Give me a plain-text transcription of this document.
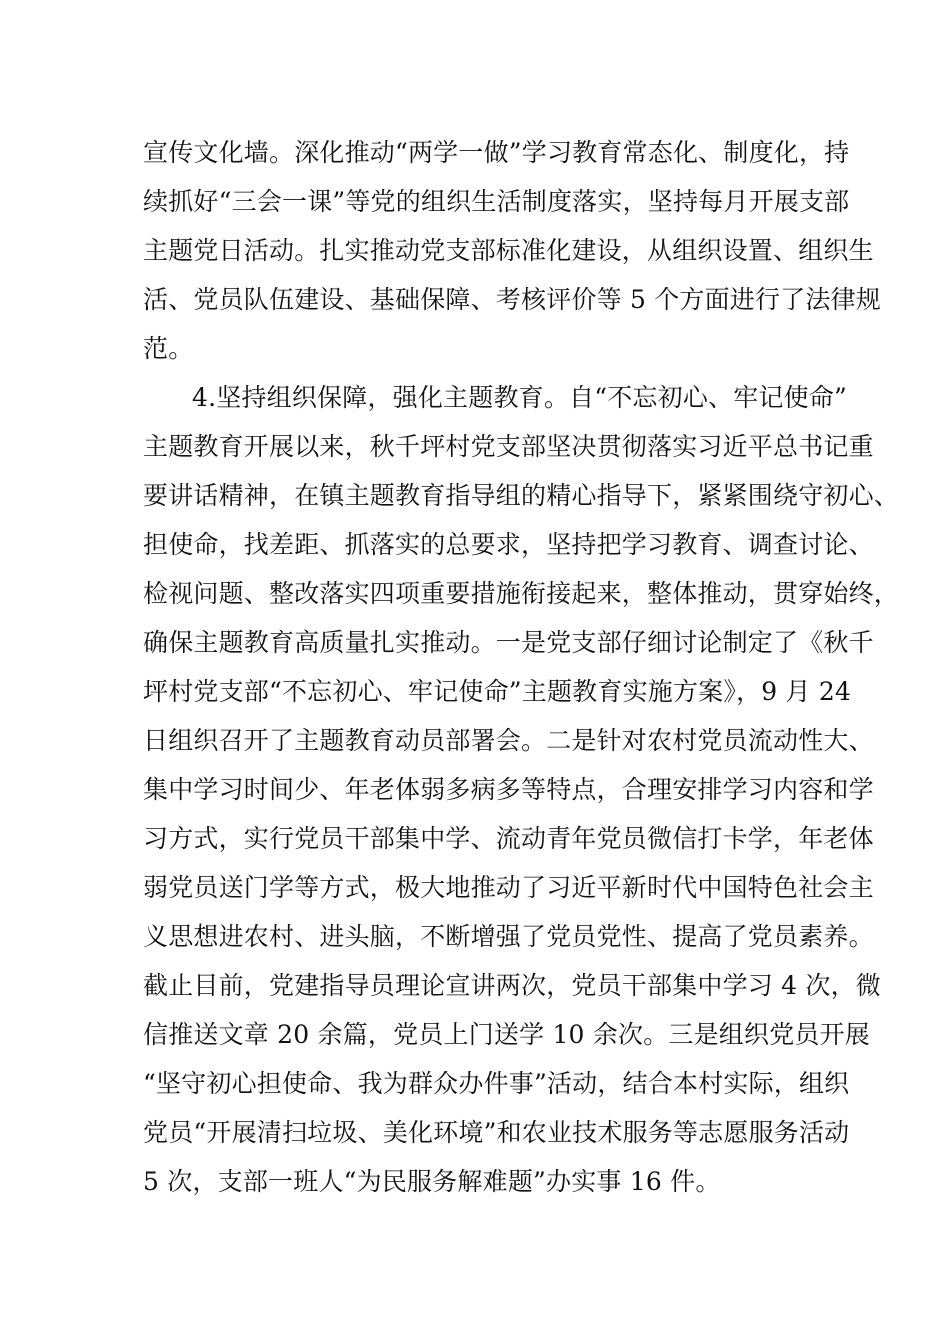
宣传文化墙。深化推动“两学一做”学习教育常态化、制度化，持
续抓好“三会一课”等党的组织生活制度落实，坚持每月开展支部
主题党日活动。扎实推动党支部标准化建设，从组织设置、组织生
活、党员队伍建设、基础保障、考核评价等 5 个方面进行了法律规
范。
4.坚持组织保障，强化主题教育。自“不忘初心、牢记使命”
主题教育开展以来，秋千坪村党支部坚决贯彻落实习近平总书记重
要讲话精神，在镇主题教育指导组的精心指导下，紧紧围绕守初心、
担使命，找差距、抓落实的总要求，坚持把学习教育、调查讨论、
检视问题、整改落实四项重要措施衔接起来，整体推动，贯穿始终，
确保主题教育高质量扎实推动。一是党支部仔细讨论制定了《秋千
坪村党支部“不忘初心、牢记使命”主题教育实施方案》，9 月 24
日组织召开了主题教育动员部署会。二是针对农村党员流动性大、
集中学习时间少、年老体弱多病多等特点，合理安排学习内容和学
习方式，实行党员干部集中学、流动青年党员微信打卡学，年老体
弱党员送门学等方式，极大地推动了习近平新时代中国特色社会主
义思想进农村、进头脑，不断增强了党员党性、提高了党员素养。
截止目前，党建指导员理论宣讲两次，党员干部集中学习 4 次，微
信推送文章 20 余篇，党员上门送学 10 余次。三是组织党员开展
“坚守初心担使命、我为群众办件事”活动，结合本村实际，组织
党员“开展清扫垃圾、美化环境”和农业技术服务等志愿服务活动
5 次，支部一班人“为民服务解难题”办实事 16 件。
